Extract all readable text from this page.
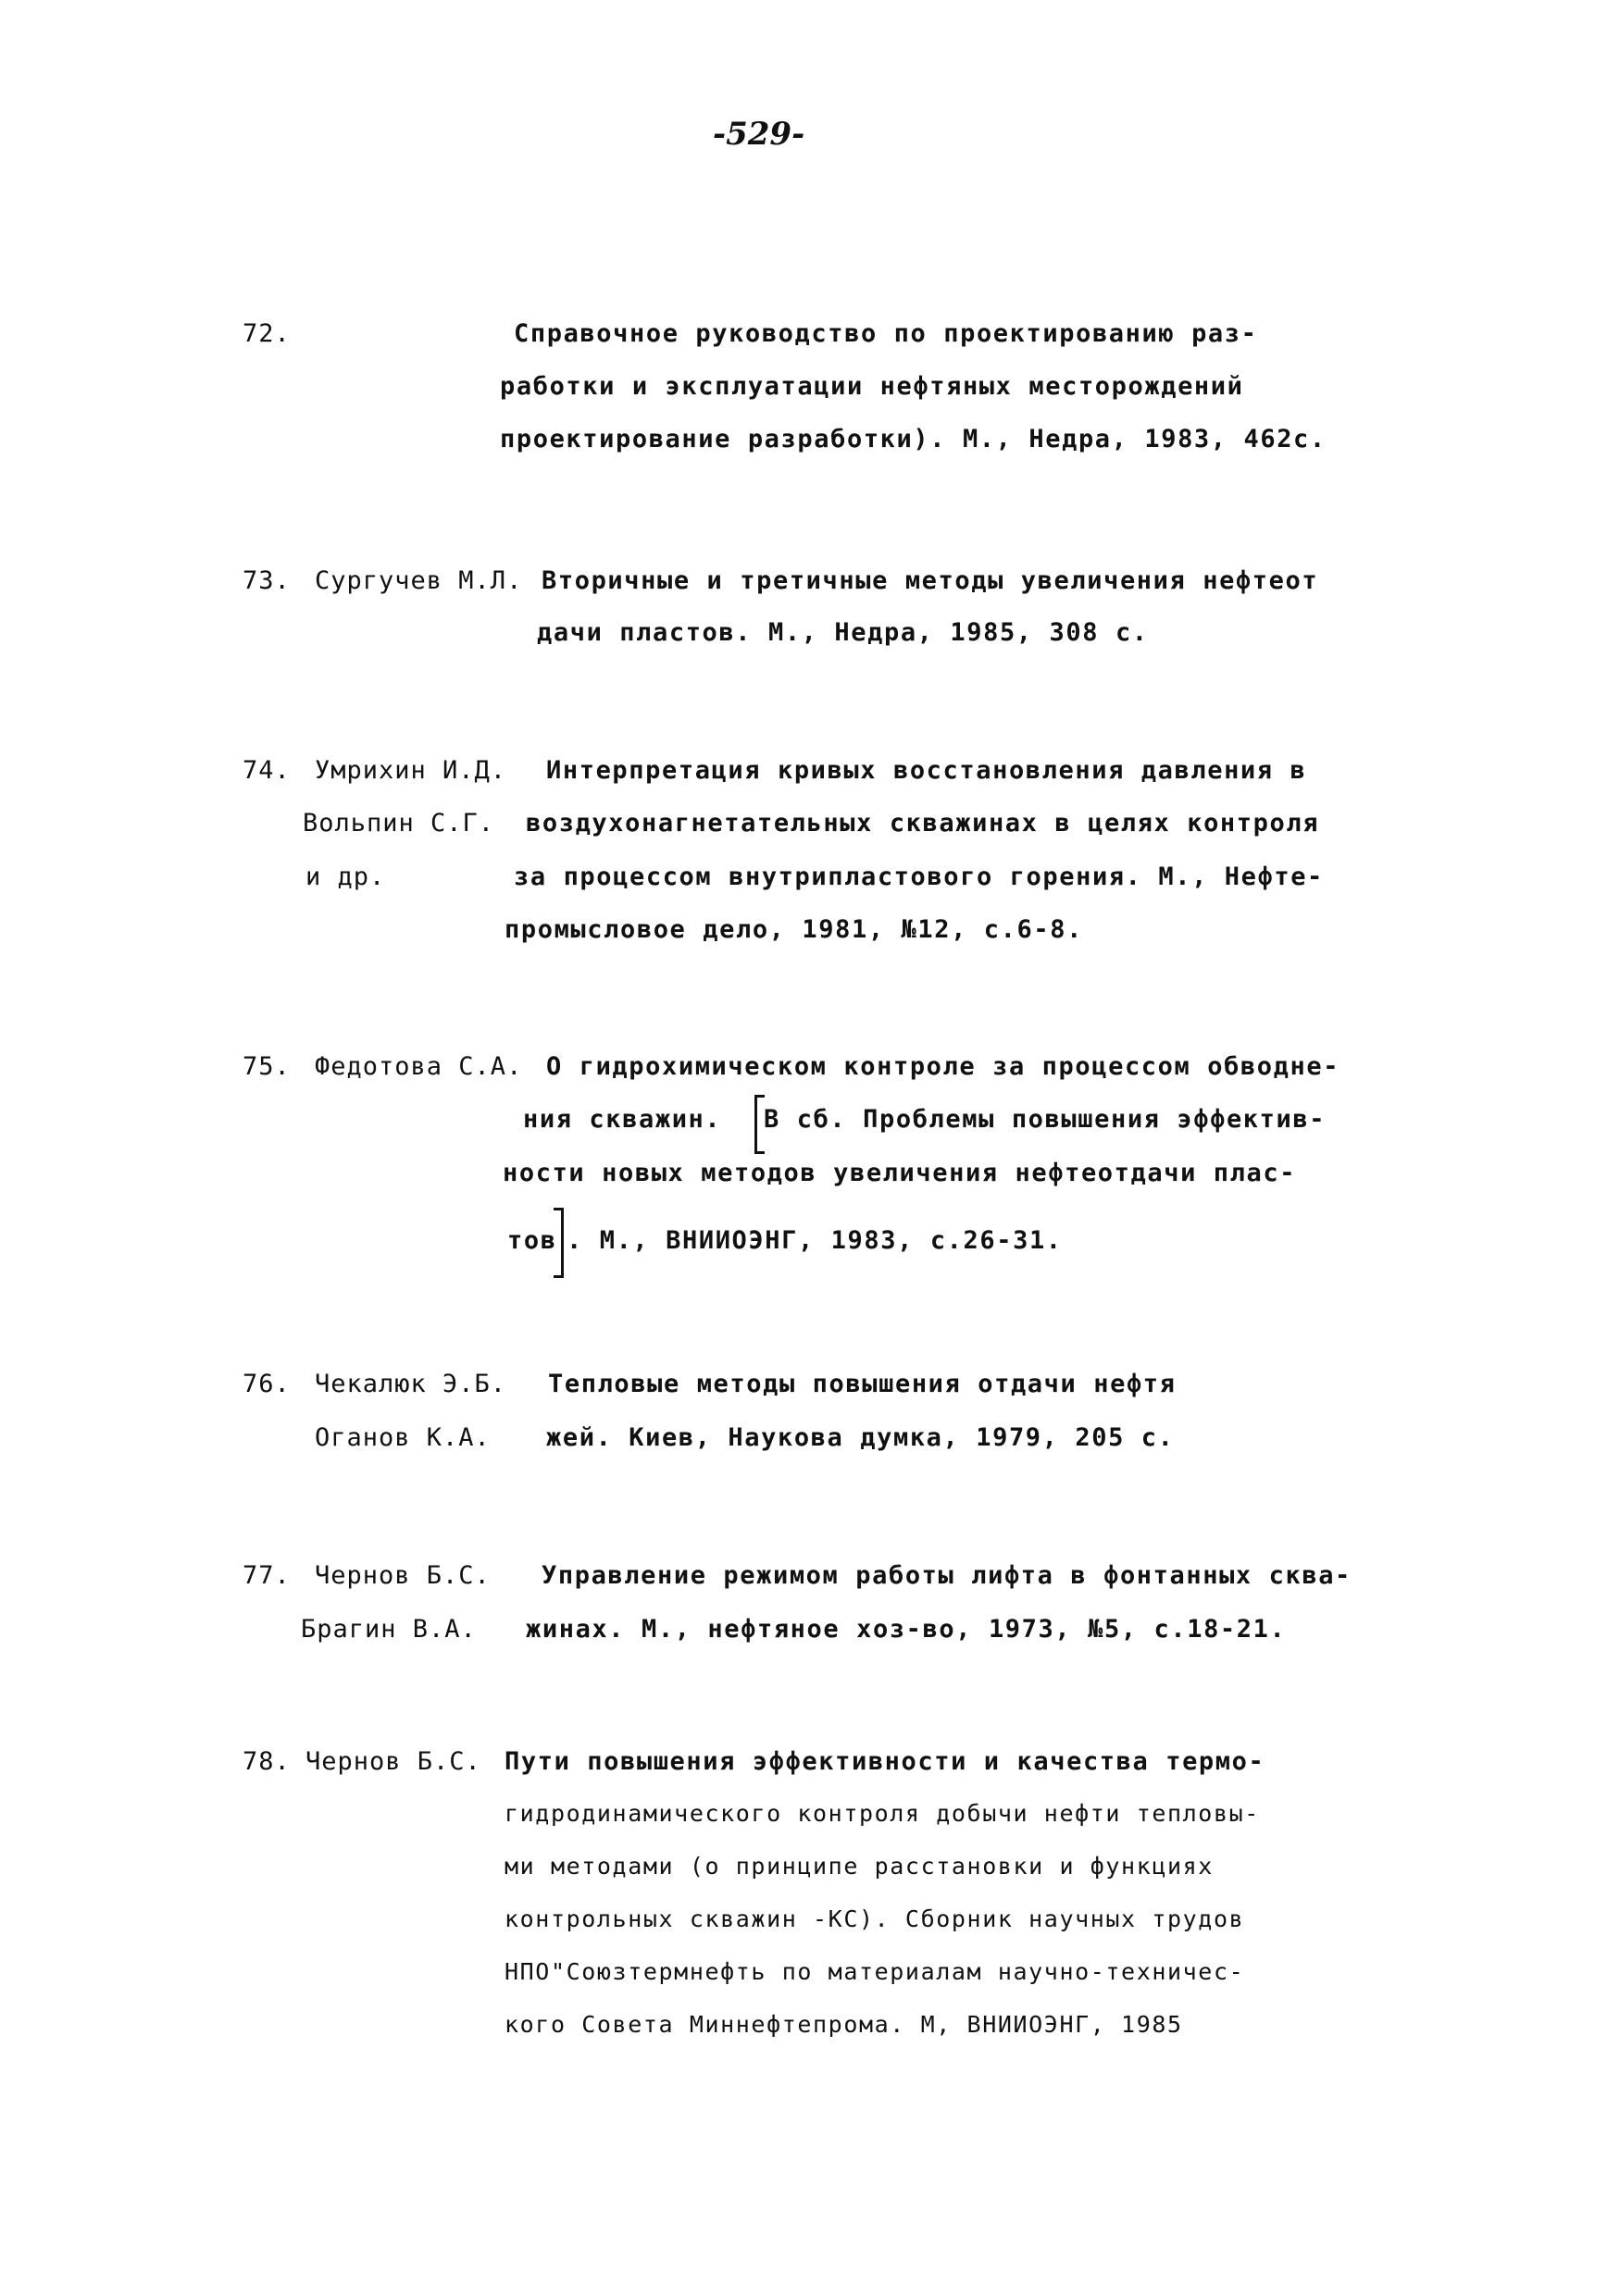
-529-
72.	Справочное руководство по проектированию раз-
работки и эксплуатации нефтяных месторождений
проектирование разработки). М., Недра, 1983, 462с.
73. Сургучев М.Л. Вторичные и третичные методы увеличения нефтеот
дачи пластов. М., Недра, 1985, 308 с.
74. Умрихин И.Д.
Вольпин С.Г.
и др.
Интерпретация кривых восстановления давления в
воздухонагнетательных скважинах в целях контроля
за процессом внутрипластового горения. М., Нефте-
промысловое дело, 1981, №12, с.6-8.
75. Федотова С.А. О гидрохимическом контроле за процессом обводне-
ния скважин. В сб. Проблемы повышения эффектив-
ности новых методов увеличения нефтеотдачи плас-
тов . М., ВНИИОЭНГ, 1983, с.26-31.
76. Чекалюк Э.Б.
Оганов К.А.
Тепловые методы повышения отдачи нефтя
жей. Киев, Наукова думка, 1979, 205 с.
77. Чернов Б.С.
Брагин В.А.
Управление режимом работы лифта в фонтанных сква-
жинах. М., нефтяное хоз-во, 1973, №5, с.18-21.
78. Чернов Б.С. Пути повышения эффективности и качества термо-
гидродинамического контроля добычи нефти тепловы-
ми методами (о принципе расстановки и функциях
контрольных скважин -КС). Сборник научных трудов
НПО"Союзтермнефть по материалам научно-техничес-
кого Совета Миннефтепрома. М, ВНИИОЭНГ, 1985
